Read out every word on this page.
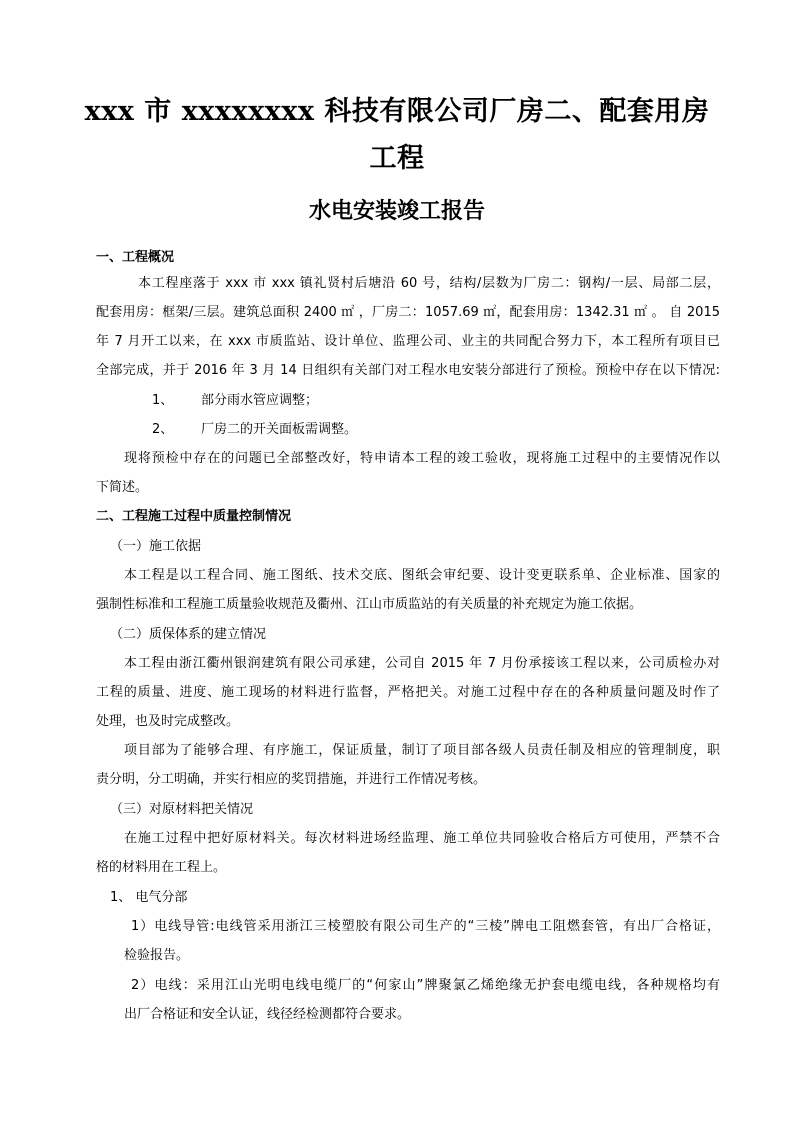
xxx 市 xxxxxxxx 科技有限公司厂房二、配套用房
工程
水电安装竣工报告
一、工程概况
本工程座落于 xxx 市 xxx 镇礼贤村后塘沿 60 号，结构/层数为厂房二：钢构/一层、局部二层，
配套用房：框架/三层。建筑总面积 2400 ㎡ ，厂房二：1057.69 ㎡，配套用房：1342.31 ㎡ 。 自 2015
年 7 月开工以来，在 xxx 市质监站、设计单位、监理公司、业主的共同配合努力下，本工程所有项目已
全部完成，并于 2016 年 3 月 14 日组织有关部门对工程水电安装分部进行了预检。预检中存在以下情况:
1、 部分雨水管应调整；
2、 厂房二的开关面板需调整。
现将预检中存在的问题已全部整改好，特申请本工程的竣工验收，现将施工过程中的主要情况作以
下简述。
二、工程施工过程中质量控制情况
（一）施工依据
本工程是以工程合同、施工图纸、技术交底、图纸会审纪要、设计变更联系单、企业标准、国家的
强制性标准和工程施工质量验收规范及衢州、江山市质监站的有关质量的补充规定为施工依据。
（二）质保体系的建立情况
本工程由浙江衢州银润建筑有限公司承建，公司自 2015 年 7 月份承接该工程以来，公司质检办对
工程的质量、进度、施工现场的材料进行监督，严格把关。对施工过程中存在的各种质量问题及时作了
处理，也及时完成整改。
项目部为了能够合理、有序施工，保证质量，制订了项目部各级人员责任制及相应的管理制度，职
责分明，分工明确，并实行相应的奖罚措施，并进行工作情况考核。
（三）对原材料把关情况
在施工过程中把好原材料关。每次材料进场经监理、施工单位共同验收合格后方可使用，严禁不合
格的材料用在工程上。
1、 电气分部
1）电线导管:电线管采用浙江三棱塑胶有限公司生产的“三棱”牌电工阻燃套管，有出厂合格证，
检验报告。
2）电线：采用江山光明电线电缆厂的“何家山”牌聚氯乙烯绝缘无护套电缆电线，各种规格均有
出厂合格证和安全认证，线径经检测都符合要求。
